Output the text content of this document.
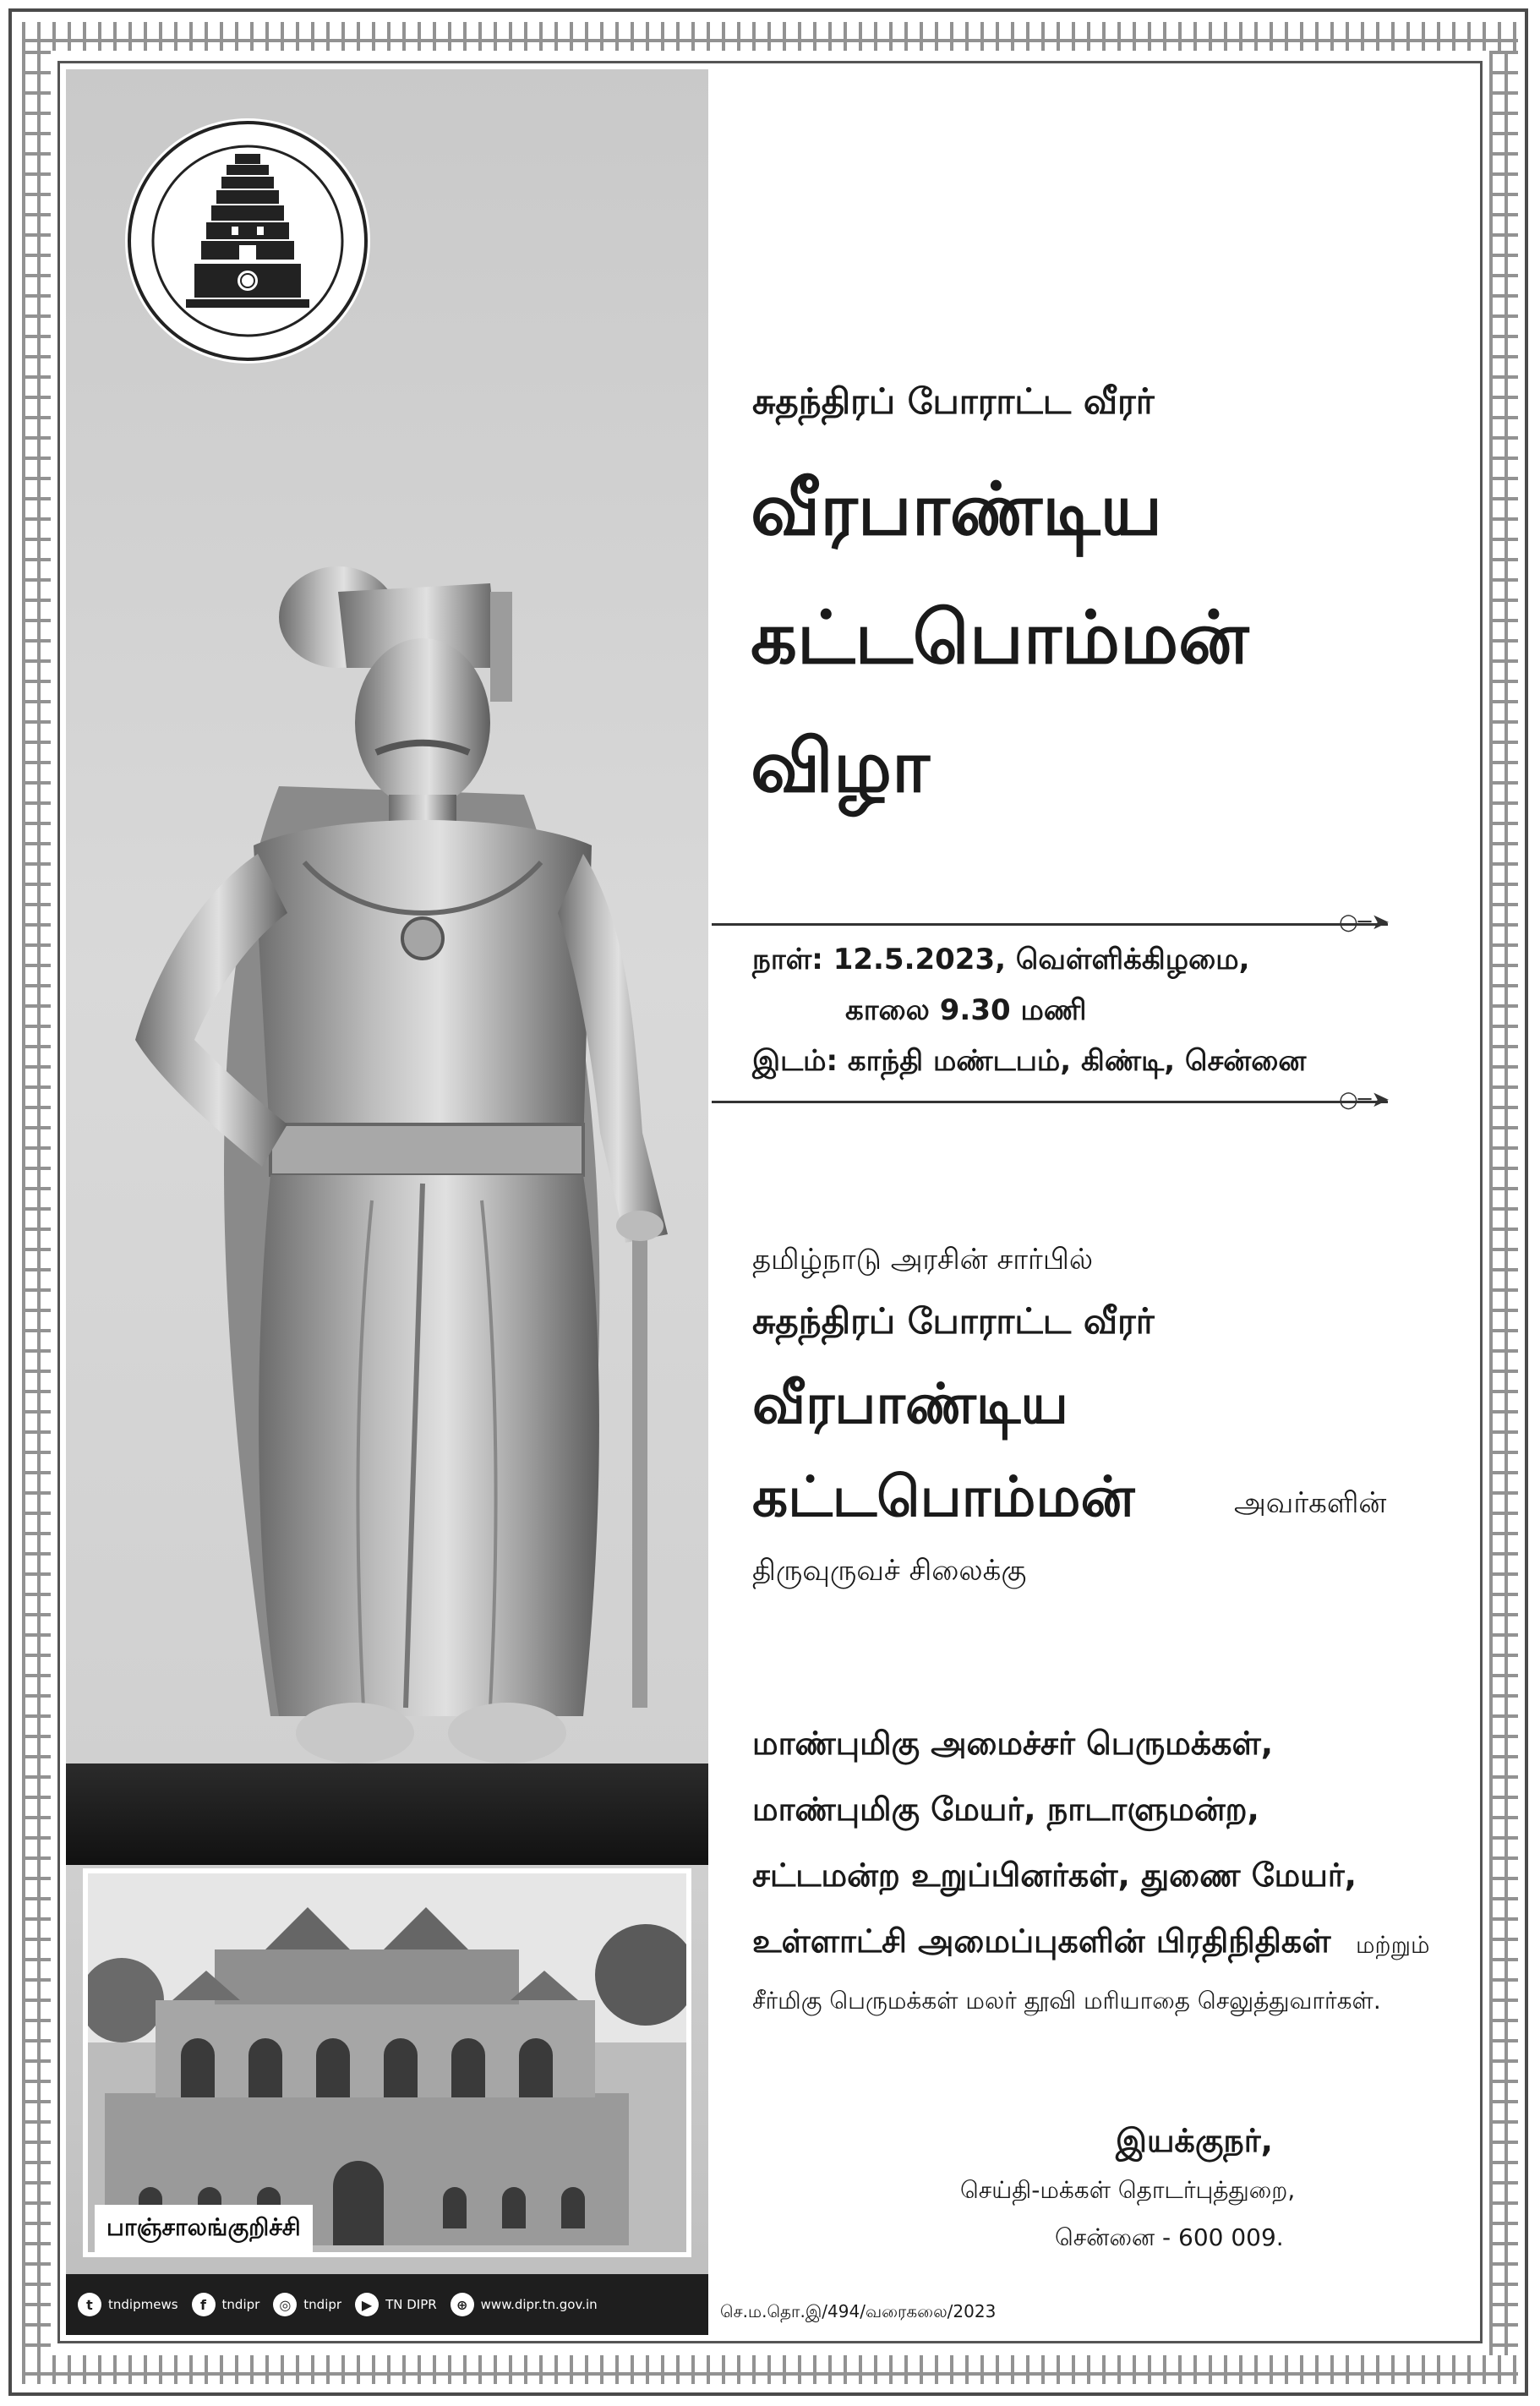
பாஞ்சாலங்குறிச்சி
t	tndipmews	f	tndipr	◎	tndipr	▶	TN DIPR	⊕	www.dipr.tn.gov.in
சுதந்திரப் போராட்ட வீரர்
வீரபாண்டிய
கட்டபொம்மன்
விழா
○─➤
நாள்: 12.5.2023, வெள்ளிக்கிழமை,
காலை 9.30 மணி
இடம்: காந்தி மண்டபம், கிண்டி, சென்னை
○─➤
தமிழ்நாடு அரசின் சார்பில்
சுதந்திரப் போராட்ட வீரர்
வீரபாண்டிய
கட்டபொம்மன்	அவர்களின்
திருவுருவச் சிலைக்கு
மாண்புமிகு அமைச்சர் பெருமக்கள்,
மாண்புமிகு மேயர், நாடாளுமன்ற,
சட்டமன்ற உறுப்பினர்கள், துணை மேயர்,
உள்ளாட்சி அமைப்புகளின் பிரதிநிதிகள் மற்றும்
சீர்மிகு பெருமக்கள் மலர் தூவி மரியாதை செலுத்துவார்கள்.
இயக்குநர்,
செய்தி-மக்கள் தொடர்புத்துறை,
சென்னை - 600 009.
செ.ம.தொ.இ/494/வரைகலை/2023
